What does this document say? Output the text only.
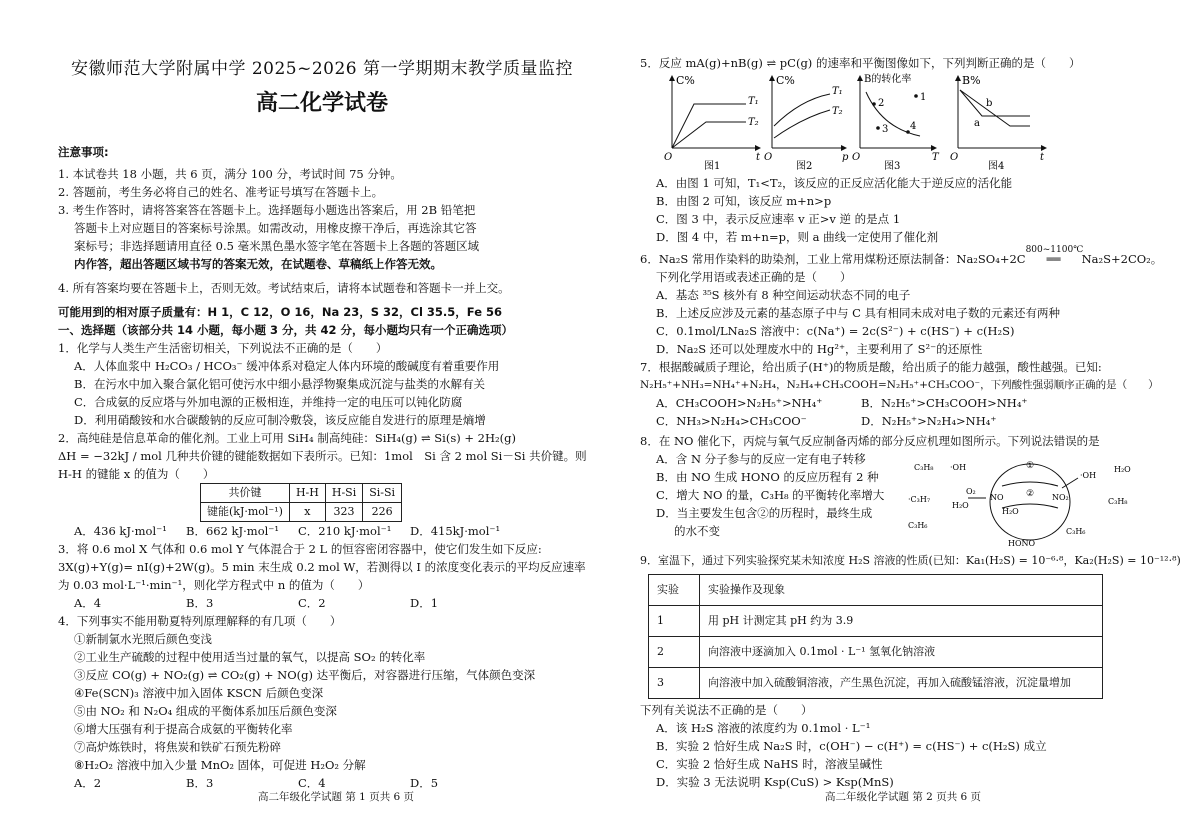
安徽师范大学附属中学 2025~2026 第一学期期末教学质量监控
高二化学试卷

注意事项:

1. 本试卷共 18 小题，共 6 页，满分 100 分，考试时间 75 分钟。

2. 答题前，考生务必将自己的姓名、准考证号填写在答题卡上。

3. 考生作答时，请将答案答在答题卡上。选择题每小题选出答案后，用 2B 铅笔把

答题卡上对应题目的答案标号涂黑。如需改动，用橡皮擦干净后，再选涂其它答

案标号；非选择题请用直径 0.5 毫米黑色墨水签字笔在答题卡上各题的答题区域

内作答，超出答题区域书写的答案无效，在试题卷、草稿纸上作答无效。

4. 所有答案均要在答题卡上，否则无效。考试结束后，请将本试题卷和答题卡一并上交。

可能用到的相对原子质量有：H 1，C 12，O 16，Na 23，S 32，Cl 35.5，Fe 56

一、选择题（该部分共 14 小题，每小题 3 分，共 42 分，每小题均只有一个正确选项）

1．化学与人类生产生活密切相关，下列说法不正确的是（　　）

A．人体血浆中 H₂CO₃ / HCO₃⁻ 缓冲体系对稳定人体内环境的酸碱度有着重要作用

B．在污水中加入聚合氯化铝可使污水中细小悬浮物聚集成沉淀与盐类的水解有关

C．合成氨的反应塔与外加电源的正极相连，并维持一定的电压可以钝化防腐

D．利用硝酸铵和水合碳酸钠的反应可制冷敷袋，该反应能自发进行的原理是熵增

2．高纯硅是信息革命的催化剂。工业上可用 SiH₄ 制高纯硅：SiH₄(g) ⇌ Si(s) + 2H₂(g)

ΔH = −32kJ / mol 几种共价键的键能数据如下表所示。已知：1mol　Si 含 2 mol Si－Si 共价键。则

H-H 的键能 x 的值为（　　）

共价键	H-H	H-Si	Si-Si
键能(kJ·mol⁻¹)	x	323	226
A．436 kJ·mol⁻¹	B．662 kJ·mol⁻¹	C．210 kJ·mol⁻¹	D．415kJ·mol⁻¹

3．将 0.6 mol X 气体和 0.6 mol Y 气体混合于 2 L 的恒容密闭容器中，使它们发生如下反应:

3X(g)+Y(g)= nI(g)+2W(g)。5 min 末生成 0.2 mol W，若测得以 I 的浓度变化表示的平均反应速率

为 0.03 mol·L⁻¹·min⁻¹，则化学方程式中 n 的值为（　　）

A．4	B．3	C．2	D．1

4．下列事实不能用勒夏特列原理解释的有几项（　　）

①新制氯水光照后颜色变浅

②工业生产硫酸的过程中使用适当过量的氧气，以提高 SO₂ 的转化率

③反应 CO(g) + NO₂(g) ⇌ CO₂(g) + NO(g) 达平衡后，对容器进行压缩，气体颜色变深

④Fe(SCN)₃ 溶液中加入固体 KSCN 后颜色变深

⑤由 NO₂ 和 N₂O₄ 组成的平衡体系加压后颜色变深

⑥增大压强有利于提高合成氨的平衡转化率

⑦高炉炼铁时，将焦炭和铁矿石预先粉碎

⑧H₂O₂ 溶液中加入少量 MnO₂ 固体，可促进 H₂O₂ 分解

A．2	B．3	C．4	D．5
高二年级化学试题 第 1 页共 6 页

5．反应 mA(g)+nB(g) ⇌ pC(g) 的速率和平衡图像如下，下列判断正确的是（　　）

C%
T₁
T₂
O	t
图1
C%
T₁
T₂
O	p
图2
B的转化率
1
2
3 4
O	T
图3
B%
b
a
O	t
图4

A．由图 1 可知，T₁<T₂，该反应的正反应活化能大于逆反应的活化能

B．由图 2 可知，该反应 m+n>p

C．图 3 中，表示反应速率 v 正>v 逆 的是点 1

D．图 4 中，若 m+n=p，则 a 曲线一定使用了催化剂

6．Na₂S 常用作染料的助染剂，工业上常用煤粉还原法制备：Na₂SO₄+2C
800~1100℃
══ Na₂S+2CO₂。

下列化学用语或表述正确的是（　　）

A．基态 ³⁵S 核外有 8 种空间运动状态不同的电子

B．上述反应涉及元素的基态原子中与 C 具有相同未成对电子数的元素还有两种

C．0.1mol/LNa₂S 溶液中：c(Na⁺) = 2c(S²⁻) + c(HS⁻) + c(H₂S)

D．Na₂S 还可以处理废水中的 Hg²⁺，主要利用了 S²⁻的还原性

7．根据酸碱质子理论，给出质子(H⁺)的物质是酸，给出质子的能力越强，酸性越强。已知:

N₂H₅⁺+NH₃=NH₄⁺+N₂H₄，N₂H₄+CH₃COOH=N₂H₅⁺+CH₃COO⁻，下列酸性强弱顺序正确的是（　　）

A．CH₃COOH>N₂H₅⁺>NH₄⁺	B．N₂H₅⁺>CH₃COOH>NH₄⁺
C．NH₃>N₂H₄>CH₃COO⁻	D．N₂H₅⁺>N₂H₄>NH₄⁺

8．在 NO 催化下，丙烷与氧气反应制备丙烯的部分反应机理如图所示。下列说法错误的是

A．含 N 分子参与的反应一定有电子转移

B．由 NO 生成 HONO 的反应历程有 2 种

C．增大 NO 的量，C₃H₈ 的平衡转化率增大

D．当主要发生包含②的历程时，最终生成

的水不变

C₃H₈ ·OH
O₂
·C₃H₇
H₂O
C₃H₆
NO
①
② NO₂
·OH
H₂O
C₃H₈
H₂O
C₃H₆
HONO

9．室温下，通过下列实验探究某未知浓度 H₂S 溶液的性质(已知：Ka₁(H₂S) = 10⁻⁶·⁸，Ka₂(H₂S) = 10⁻¹²·⁸)

实验	实验操作及现象
1	用 pH 计测定其 pH 约为 3.9
2	向溶液中逐滴加入 0.1mol · L⁻¹ 氢氧化钠溶液
3	向溶液中加入硫酸铜溶液，产生黑色沉淀，再加入硫酸锰溶液，沉淀量增加

下列有关说法不正确的是（　　）

A．该 H₂S 溶液的浓度约为 0.1mol · L⁻¹

B．实验 2 恰好生成 Na₂S 时，c(OH⁻) − c(H⁺) = c(HS⁻) + c(H₂S) 成立

C．实验 2 恰好生成 NaHS 时，溶液呈碱性

D．实验 3 无法说明 Ksp(CuS) > Ksp(MnS)

高二年级化学试题 第 2 页共 6 页
